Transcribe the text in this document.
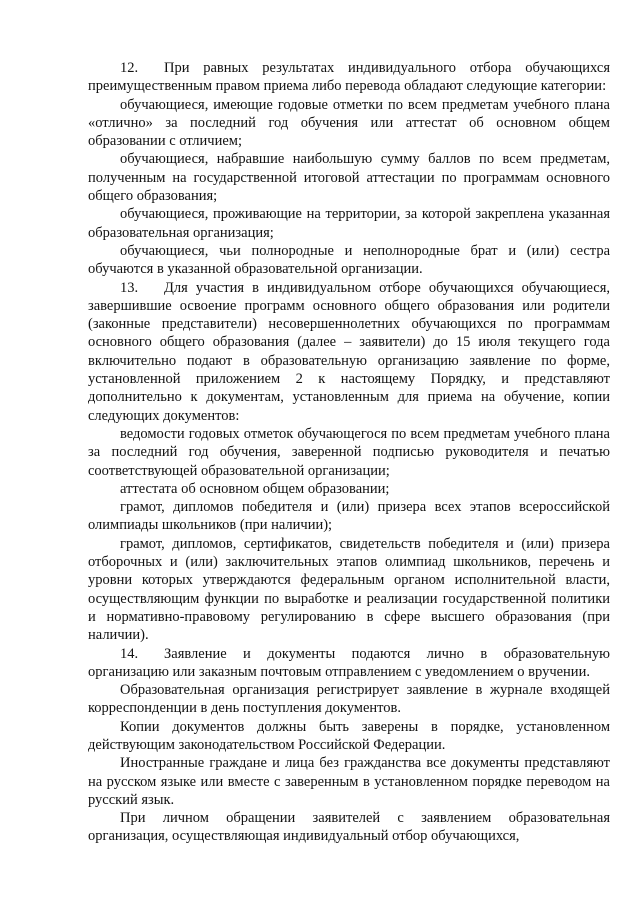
12. При равных результатах индивидуального отбора обучающихся преимущественным правом приема либо перевода обладают следующие категории:

обучающиеся, имеющие годовые отметки по всем предметам учебного плана «отлично» за последний год обучения или аттестат об основном общем образовании с отличием;

обучающиеся, набравшие наибольшую сумму баллов по всем предметам, полученным на государственной итоговой аттестации по программам основного общего образования;

обучающиеся, проживающие на территории, за которой закреплена указанная образовательная организация;

обучающиеся, чьи полнородные и неполнородные брат и (или) сестра обучаются в указанной образовательной организации.

13. Для участия в индивидуальном отборе обучающихся обучающиеся, завершившие освоение программ основного общего образования или родители (законные представители) несовершеннолетних обучающихся по программам основного общего образования (далее – заявители) до 15 июля текущего года включительно подают в образовательную организацию заявление по форме, установленной приложением 2 к настоящему Порядку, и представляют дополнительно к документам, установленным для приема на обучение, копии следующих документов:

ведомости годовых отметок обучающегося по всем предметам учебного плана за последний год обучения, заверенной подписью руководителя и печатью соответствующей образовательной организации;

аттестата об основном общем образовании;

грамот, дипломов победителя и (или) призера всех этапов всероссийской олимпиады школьников (при наличии);

грамот, дипломов, сертификатов, свидетельств победителя и (или) призера отборочных и (или) заключительных этапов олимпиад школьников, перечень и уровни которых утверждаются федеральным органом исполнительной власти, осуществляющим функции по выработке и реализации государственной политики и нормативно-правовому регулированию в сфере высшего образования (при наличии).

14. Заявление и документы подаются лично в образовательную организацию или заказным почтовым отправлением с уведомлением о вручении.

Образовательная организация регистрирует заявление в журнале входящей корреспонденции в день поступления документов.

Копии документов должны быть заверены в порядке, установленном действующим законодательством Российской Федерации.

Иностранные граждане и лица без гражданства все документы представляют на русском языке или вместе с заверенным в установленном порядке переводом на русский язык.

При личном обращении заявителей с заявлением образовательная организация, осуществляющая индивидуальный отбор обучающихся,
